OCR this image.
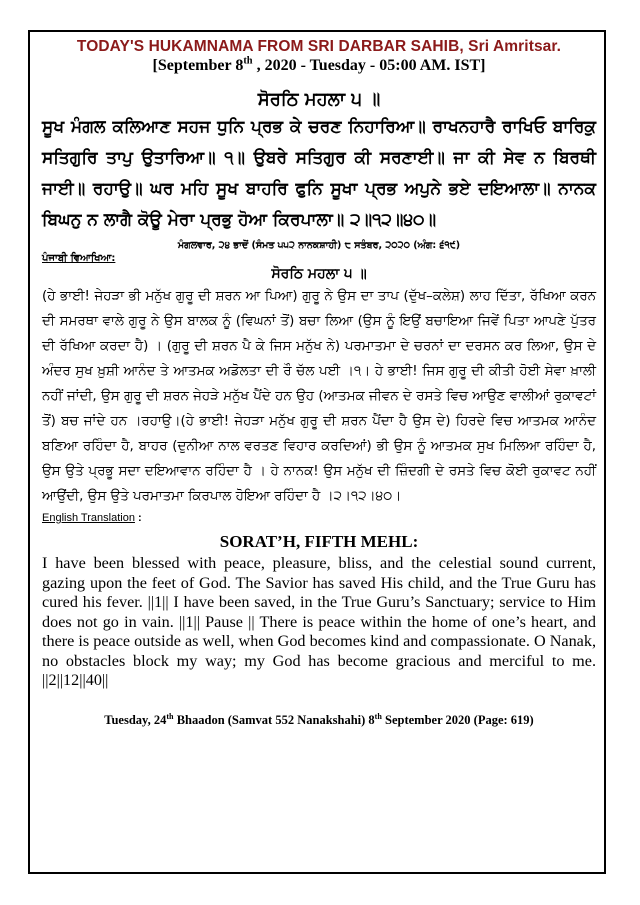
TODAY'S HUKAMNAMA FROM SRI DARBAR SAHIB, Sri Amritsar.
[September 8th , 2020 - Tuesday - 05:00 AM. IST]
ਸੋਰਠਿ ਮਹਲਾ ੫ ॥
ਸੂਖ ਮੰਗਲ ਕਲਿਆਣ ਸਹਜ ਧੁਨਿ ਪ੍ਰਭ ਕੇ ਚਰਣ ਨਿਹਾਰਿਆ॥ ਰਾਖਨਹਾਰੈ ਰਾਖਿਓ ਬਾਰਿਕੁ ਸਤਿਗੁਰਿ ਤਾਪੁ ਉਤਾਰਿਆ॥ ੧॥ ਉਬਰੇ ਸਤਿਗੁਰ ਕੀ ਸਰਣਾਈ॥ ਜਾ ਕੀ ਸੇਵ ਨ ਬਿਰਥੀ ਜਾਈ॥ ਰਹਾਉ॥ ਘਰ ਮਹਿ ਸੂਖ ਬਾਹਰਿ ਫੁਨਿ ਸੂਖਾ ਪ੍ਰਭ ਅਪੁਨੇ ਭਏ ਦਇਆਲਾ॥ ਨਾਨਕ ਬਿਘਨੁ ਨ ਲਾਗੈ ਕੋਊ ਮੇਰਾ ਪ੍ਰਭੁ ਹੋਆ ਕਿਰਪਾਲਾ॥ ੨॥੧੨॥੪੦॥
ਮੰਗਲਵਾਰ, ੨੪ ਭਾਦੋਂ (ਸੰਮਤ ੫੫੨ ਨਾਨਕਸ਼ਾਹੀ) ੮ ਸਤੰਬਰ, ੨੦੨੦ (ਅੰਗ: ੬੧੯)
ਪੰਜਾਬੀ ਵਿਆਖਿਆ:
ਸੋਰਠਿ ਮਹਲਾ ੫ ॥
(ਹੇ ਭਾਈ! ਜੇਹੜਾ ਭੀ ਮਨੁੱਖ ਗੁਰੂ ਦੀ ਸ਼ਰਨ ਆ ਪਿਆ) ਗੁਰੂ ਨੇ ਉਸ ਦਾ ਤਾਪ (ਦੁੱਖ–ਕਲੇਸ਼) ਲਾਹ ਦਿੱਤਾ, ਰੱਖਿਆ ਕਰਨ ਦੀ ਸਮਰਥਾ ਵਾਲੇ ਗੁਰੂ ਨੇ ਉਸ ਬਾਲਕ ਨੂੰ (ਵਿਘਨਾਂ ਤੋਂ) ਬਚਾ ਲਿਆ (ਉਸ ਨੂੰ ਇਉਂ ਬਚਾਇਆ ਜਿਵੇਂ ਪਿਤਾ ਆਪਣੇ ਪੁੱਤਰ ਦੀ ਰੱਖਿਆ ਕਰਦਾ ਹੈ) । (ਗੁਰੂ ਦੀ ਸ਼ਰਨ ਪੈ ਕੇ ਜਿਸ ਮਨੁੱਖ ਨੇ) ਪਰਮਾਤਮਾ ਦੇ ਚਰਨਾਂ ਦਾ ਦਰਸਨ ਕਰ ਲਿਆ, ਉਸ ਦੇ ਅੰਦਰ ਸੁਖ ਖ਼ੁਸ਼ੀ ਆਨੰਦ ਤੇ ਆਤਮਕ ਅਡੋਲਤਾ ਦੀ ਰੌ ਚੱਲ ਪਈ ।੧। ਹੇ ਭਾਈ! ਜਿਸ ਗੁਰੂ ਦੀ ਕੀਤੀ ਹੋਈ ਸੇਵਾ ਖ਼ਾਲੀ ਨਹੀਂ ਜਾਂਦੀ, ਉਸ ਗੁਰੂ ਦੀ ਸ਼ਰਨ ਜੇਹੜੇ ਮਨੁੱਖ ਪੈਂਦੇ ਹਨ ਉਹ (ਆਤਮਕ ਜੀਵਨ ਦੇ ਰਸਤੇ ਵਿਚ ਆਉਣ ਵਾਲੀਆਂ ਰੁਕਾਵਟਾਂ ਤੋਂ) ਬਚ ਜਾਂਦੇ ਹਨ ।ਰਹਾਉ।(ਹੇ ਭਾਈ! ਜੇਹੜਾ ਮਨੁੱਖ ਗੁਰੂ ਦੀ ਸ਼ਰਨ ਪੈਂਦਾ ਹੈ ਉਸ ਦੇ) ਹਿਰਦੇ ਵਿਚ ਆਤਮਕ ਆਨੰਦ ਬਣਿਆ ਰਹਿੰਦਾ ਹੈ, ਬਾਹਰ (ਦੁਨੀਆ ਨਾਲ ਵਰਤਣ ਵਿਹਾਰ ਕਰਦਿਆਂ) ਭੀ ਉਸ ਨੂੰ ਆਤਮਕ ਸੁਖ ਮਿਲਿਆ ਰਹਿੰਦਾ ਹੈ, ਉਸ ਉਤੇ ਪ੍ਰਭੂ ਸਦਾ ਦਇਆਵਾਨ ਰਹਿੰਦਾ ਹੈ । ਹੇ ਨਾਨਕ! ਉਸ ਮਨੁੱਖ ਦੀ ਜ਼ਿੰਦਗੀ ਦੇ ਰਸਤੇ ਵਿਚ ਕੋਈ ਰੁਕਾਵਟ ਨਹੀਂ ਆਉਂਦੀ, ਉਸ ਉਤੇ ਪਰਮਾਤਮਾ ਕਿਰਪਾਲ ਹੋਇਆ ਰਹਿੰਦਾ ਹੈ ।੨।੧੨।੪੦।
English Translation :
SORAT’H, FIFTH MEHL:
I have been blessed with peace, pleasure, bliss, and the celestial sound current, gazing upon the feet of God. The Savior has saved His child, and the True Guru has cured his fever. ||1|| I have been saved, in the True Guru’s Sanctuary; service to Him does not go in vain. ||1|| Pause || There is peace within the home of one’s heart, and there is peace outside as well, when God becomes kind and compassionate. O Nanak, no obstacles block my way; my God has become gracious and merciful to me. ||2||12||40||
Tuesday, 24th Bhaadon (Samvat 552 Nanakshahi) 8th September 2020 (Page: 619)
